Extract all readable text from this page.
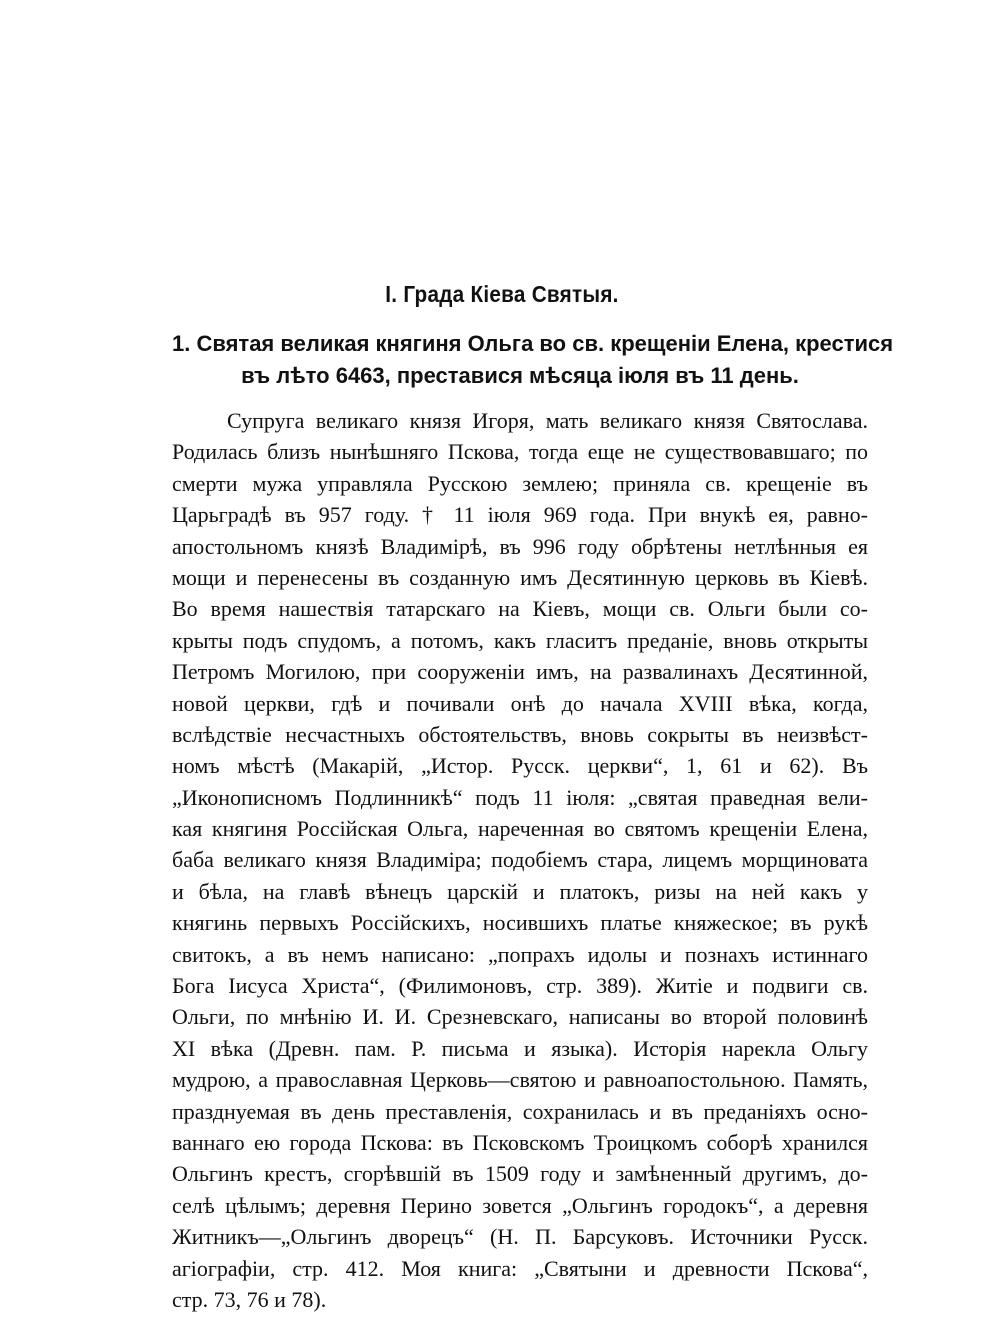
I. Града Кіева Святыя.
1. Святая великая княгиня Ольга во св. крещеніи Елена, крестися
въ лѣто 6463, преставися мѣсяца іюля въ 11 день.
Супруга великаго князя Игоря, мать великаго князя Святослава.
Родилась близъ нынѣшняго Пскова, тогда еще не существовавшаго; по
смерти мужа управляла Русскою землею; приняла св. крещеніе въ
Царьградѣ въ 957 году. † 11 іюля 969 года. При внукѣ ея, равно-
апостольномъ князѣ Владимірѣ, въ 996 году обрѣтены нетлѣнныя ея
мощи и перенесены въ созданную имъ Десятинную церковь въ Кіевѣ.
Во время нашествія татарскаго на Кіевъ, мощи св. Ольги были со-
крыты подъ спудомъ, а потомъ, какъ гласитъ преданіе, вновь открыты
Петромъ Могилою, при сооруженіи имъ, на развалинахъ Десятинной,
новой церкви, гдѣ и почивали онѣ до начала XVIII вѣка, когда,
вслѣдствіе несчастныхъ обстоятельствъ, вновь сокрыты въ неизвѣст-
номъ мѣстѣ (Макарій, „Истор. Русск. церкви“, 1, 61 и 62). Въ
„Иконописномъ Подлинникѣ“ подъ 11 іюля: „святая праведная вели-
кая княгиня Россійская Ольга, нареченная во святомъ крещеніи Елена,
баба великаго князя Владиміра; подобіемъ стара, лицемъ морщиновата
и бѣла, на главѣ вѣнецъ царскій и платокъ, ризы на ней какъ у
княгинь первыхъ Россійскихъ, носившихъ платье княжеское; въ рукѣ
свитокъ, а въ немъ написано: „попрахъ идолы и познахъ истиннаго
Бога Іисуса Христа“, (Филимоновъ, стр. 389). Житіе и подвиги св.
Ольги, по мнѣнію И. И. Срезневскаго, написаны во второй половинѣ
XI вѣка (Древн. пам. Р. письма и языка). Исторія нарекла Ольгу
мудрою, а православная Церковь—святою и равноапостольною. Память,
празднуемая въ день преставленія, сохранилась и въ преданіяхъ осно-
ваннаго ею города Пскова: въ Псковскомъ Троицкомъ соборѣ хранился
Ольгинъ крестъ, сгорѣвшій въ 1509 году и замѣненный другимъ, до-
селѣ цѣлымъ; деревня Перино зовется „Ольгинъ городокъ“, а деревня
Житникъ—„Ольгинъ дворецъ“ (Н. П. Барсуковъ. Источники Русск.
агіографіи, стр. 412. Моя книга: „Святыни и древности Пскова“,
стр. 73, 76 и 78).
